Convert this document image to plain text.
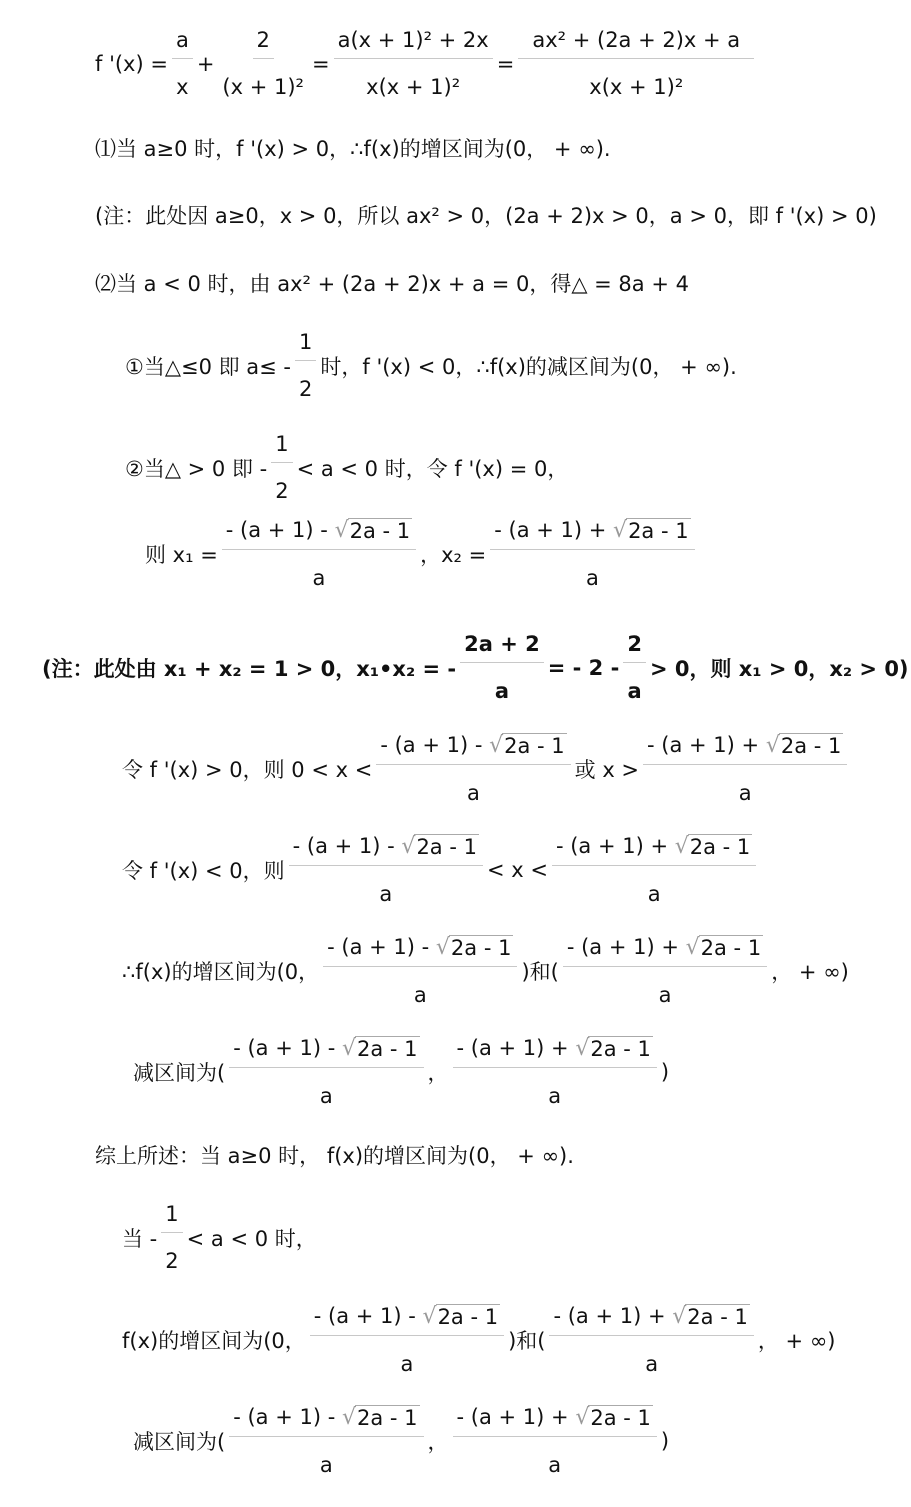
f '$(x) = \frac{a}{x} + \frac{2}{\text{(x + 1)²}} = \frac{\text{a(x + 1)² + 2x}}{\text{x(x + 1)²}} = \frac{\text{ax² + (2a + 2)x + a}}{\text{x(x + 1)²}}$
⑴当 a≥0 时，f '(x) > 0，∴f(x)的增区间为(0， + ∞).
(注：此处因 a≥0，x > 0，所以 ax² > 0，(2a + 2)x > 0，a > 0，即 f '(x) > 0)
⑵当 a < 0 时，由 ax² + (2a + 2)x + a = 0，得△ = 8a + 4
①当△≤0 即 $a\le - \frac{1}{2}$ 时，f '(x) < 0，∴f(x)的减区间为(0， + ∞).
②当△ > 0 即 - $\frac{1}{2} < a < 0$ 时，令 f '(x) = 0，
则 $x_1 = \frac{- (a + 1) - √ 2a - 1}{a}$ ，$x_2 = \frac{- (a + 1) + √ 2a - 1}{a}$
(注：此处由 x₁ + x₂ = 1 > 0，x₁•x₂ = - $\frac{2a + 2}{a}$ = - $2 - \frac{2}{a} > 0$，则 x₁ > 0，x₂ > 0)
令 f '(x) > 0，则 $0 < x < \frac{- (a + 1) - √ 2a - 1}{a}$ 或 $x > \frac{- (a + 1) + √ 2a - 1}{a}$
令 f '(x) < 0，则 $\frac{- (a + 1) - √ 2a - 1}{a} < x < \frac{- (a + 1) + √ 2a - 1}{a}$
∴f(x)的增区间为(0， $\frac{- (a + 1) - √ 2a - 1}{a}$ )和( $\frac{- (a + 1) + √ 2a - 1}{a}$ ， + ∞)
减区间为( $\frac{- (a + 1) - √ 2a - 1}{a}$ ， $\frac{- (a + 1) + √ 2a - 1}{a}$ )
综上所述：当 a≥0 时， f(x)的增区间为(0， + ∞).
当 - $\frac{1}{2} < a < 0$ 时，
f(x)的增区间为(0， $\frac{- (a + 1) - √ 2a - 1}{a}$ )和( $\frac{- (a + 1) + √ 2a - 1}{a}$ ， + ∞)
减区间为( $\frac{- (a + 1) - √ 2a - 1}{a}$ ， $\frac{- (a + 1) + √ 2a - 1}{a}$ )
